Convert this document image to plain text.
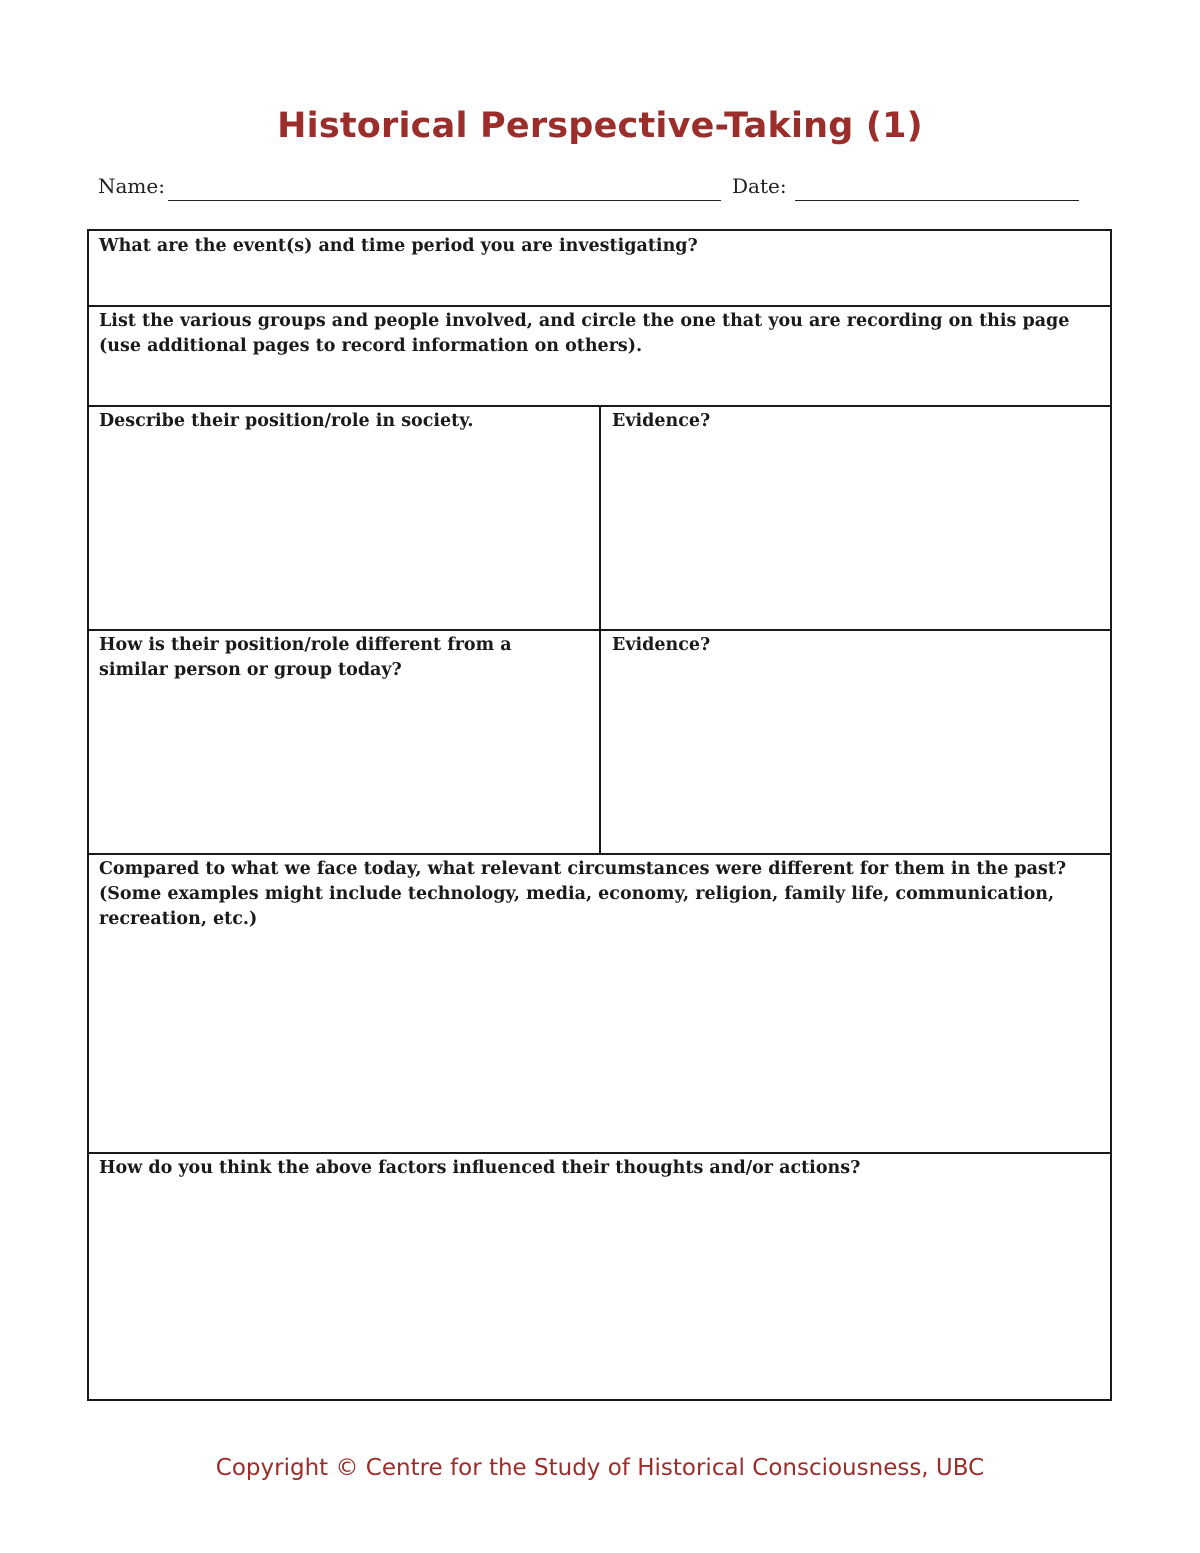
Historical Perspective-Taking (1)
Name:	Date:

What are the event(s) and time period you are investigating?

List the various groups and people involved, and circle the one that you are recording on this page (use additional pages to record information on others).

Describe their position/role in society.	Evidence?

How is their position/role different from a similar person or group today?

Evidence?

Compared to what we face today, what relevant circumstances were different for them in the past? (Some examples might include technology, media, economy, religion, family life, communication, recreation, etc.)

How do you think the above factors influenced their thoughts and/or actions?

Copyright © Centre for the Study of Historical Consciousness, UBC
